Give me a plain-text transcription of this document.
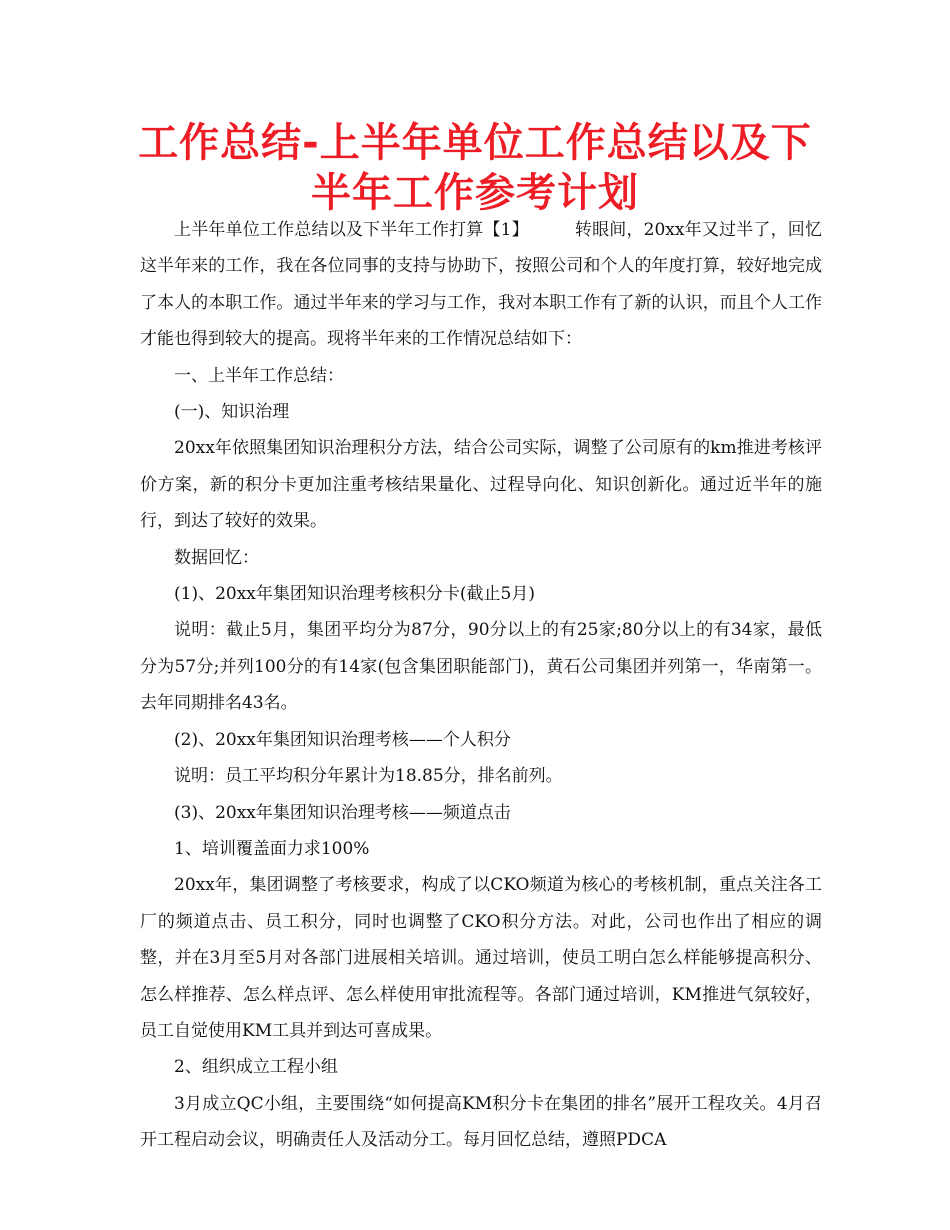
工作总结-上半年单位工作总结以及下半年工作参考计划

上半年单位工作总结以及下半年工作打算【1】	转眼间，20xx年又过半了，回忆这半年来的工作，我在各位同事的支持与协助下，按照公司和个人的年度打算，较好地完成了本人的本职工作。通过半年来的学习与工作，我对本职工作有了新的认识，而且个人工作才能也得到较大的提高。现将半年来的工作情况总结如下：

一、上半年工作总结：

(一)、知识治理

20xx年依照集团知识治理积分方法，结合公司实际，调整了公司原有的km推进考核评价方案，新的积分卡更加注重考核结果量化、过程导向化、知识创新化。通过近半年的施行，到达了较好的效果。

数据回忆：

(1)、20xx年集团知识治理考核积分卡(截止5月)

说明：截止5月，集团平均分为87分，90分以上的有25家;80分以上的有34家，最低分为57分;并列100分的有14家(包含集团职能部门)，黄石公司集团并列第一，华南第一。去年同期排名43名。

(2)、20xx年集团知识治理考核——个人积分

说明：员工平均积分年累计为18.85分，排名前列。

(3)、20xx年集团知识治理考核——频道点击

1、培训覆盖面力求100%

20xx年，集团调整了考核要求，构成了以CKO频道为核心的考核机制，重点关注各工厂的频道点击、员工积分，同时也调整了CKO积分方法。对此，公司也作出了相应的调整，并在3月至5月对各部门进展相关培训。通过培训，使员工明白怎么样能够提高积分、怎么样推荐、怎么样点评、怎么样使用审批流程等。各部门通过培训，KM推进气氛较好，员工自觉使用KM工具并到达可喜成果。

2、组织成立工程小组

3月成立QC小组，主要围绕“如何提高KM积分卡在集团的排名”展开工程攻关。4月召开工程启动会议，明确责任人及活动分工。每月回忆总结，遵照PDCA
